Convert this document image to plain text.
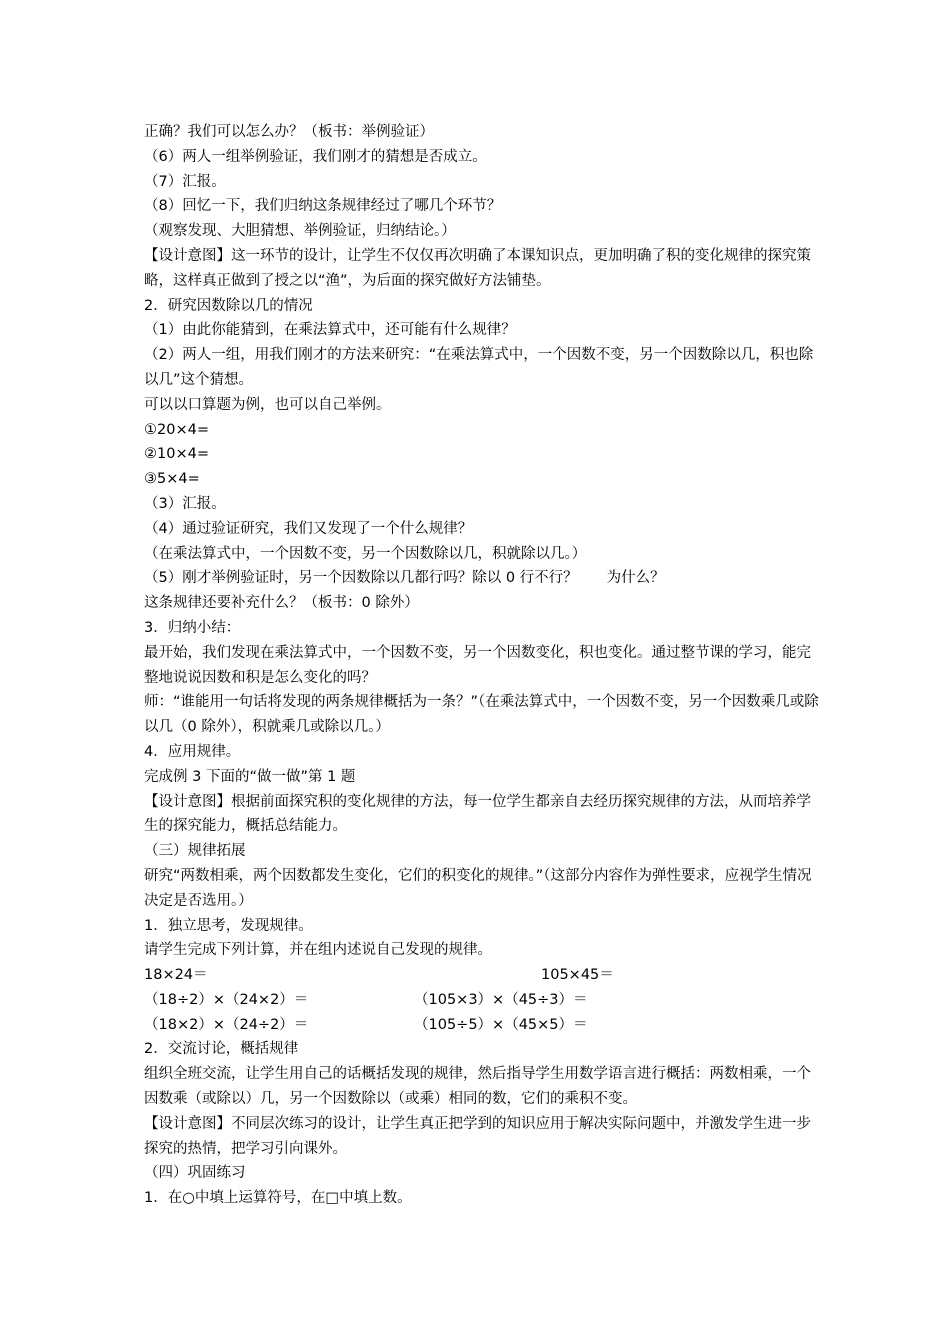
正确？我们可以怎么办？（板书：举例验证）
（6）两人一组举例验证，我们刚才的猜想是否成立。
（7）汇报。
（8）回忆一下，我们归纳这条规律经过了哪几个环节？
（观察发现、大胆猜想、举例验证，归纳结论。）
【设计意图】这一环节的设计，让学生不仅仅再次明确了本课知识点，更加明确了积的变化规律的探究策略，这样真正做到了授之以“渔”，为后面的探究做好方法铺垫。
2．研究因数除以几的情况
（1）由此你能猜到，在乘法算式中，还可能有什么规律？
（2）两人一组，用我们刚才的方法来研究：“在乘法算式中，一个因数不变，另一个因数除以几，积也除以几”这个猜想。
可以以口算题为例，也可以自己举例。
①20×4=
②10×4=
③5×4=
（3）汇报。
（4）通过验证研究，我们又发现了一个什么规律？
（在乘法算式中，一个因数不变，另一个因数除以几，积就除以几。）
（5）刚才举例验证时，另一个因数除以几都行吗？除以 0 行不行？　　为什么？
这条规律还要补充什么？（板书：0 除外）
3．归纳小结：
最开始，我们发现在乘法算式中，一个因数不变，另一个因数变化，积也变化。通过整节课的学习，能完整地说说因数和积是怎么变化的吗？
师：“谁能用一句话将发现的两条规律概括为一条？”（在乘法算式中，一个因数不变，另一个因数乘几或除以几（0 除外），积就乘几或除以几。）
4．应用规律。
完成例 3 下面的“做一做”第 1 题
【设计意图】根据前面探究积的变化规律的方法，每一位学生都亲自去经历探究规律的方法，从而培养学生的探究能力，概括总结能力。
（三）规律拓展
研究“两数相乘，两个因数都发生变化，它们的积变化的规律。”（这部分内容作为弹性要求，应视学生情况决定是否选用。）
1．独立思考，发现规律。
请学生完成下列计算，并在组内述说自己发现的规律。
18×24＝	105×45＝
（18÷2）×（24×2）＝	（105×3）×（45÷3）＝
（18×2）×（24÷2）＝	（105÷5）×（45×5）＝
2．交流讨论，概括规律
组织全班交流，让学生用自己的话概括发现的规律，然后指导学生用数学语言进行概括：两数相乘，一个因数乘（或除以）几，另一个因数除以（或乘）相同的数，它们的乘积不变。
【设计意图】不同层次练习的设计，让学生真正把学到的知识应用于解决实际问题中，并激发学生进一步探究的热情，把学习引向课外。
（四）巩固练习
1．在○中填上运算符号，在□中填上数。
